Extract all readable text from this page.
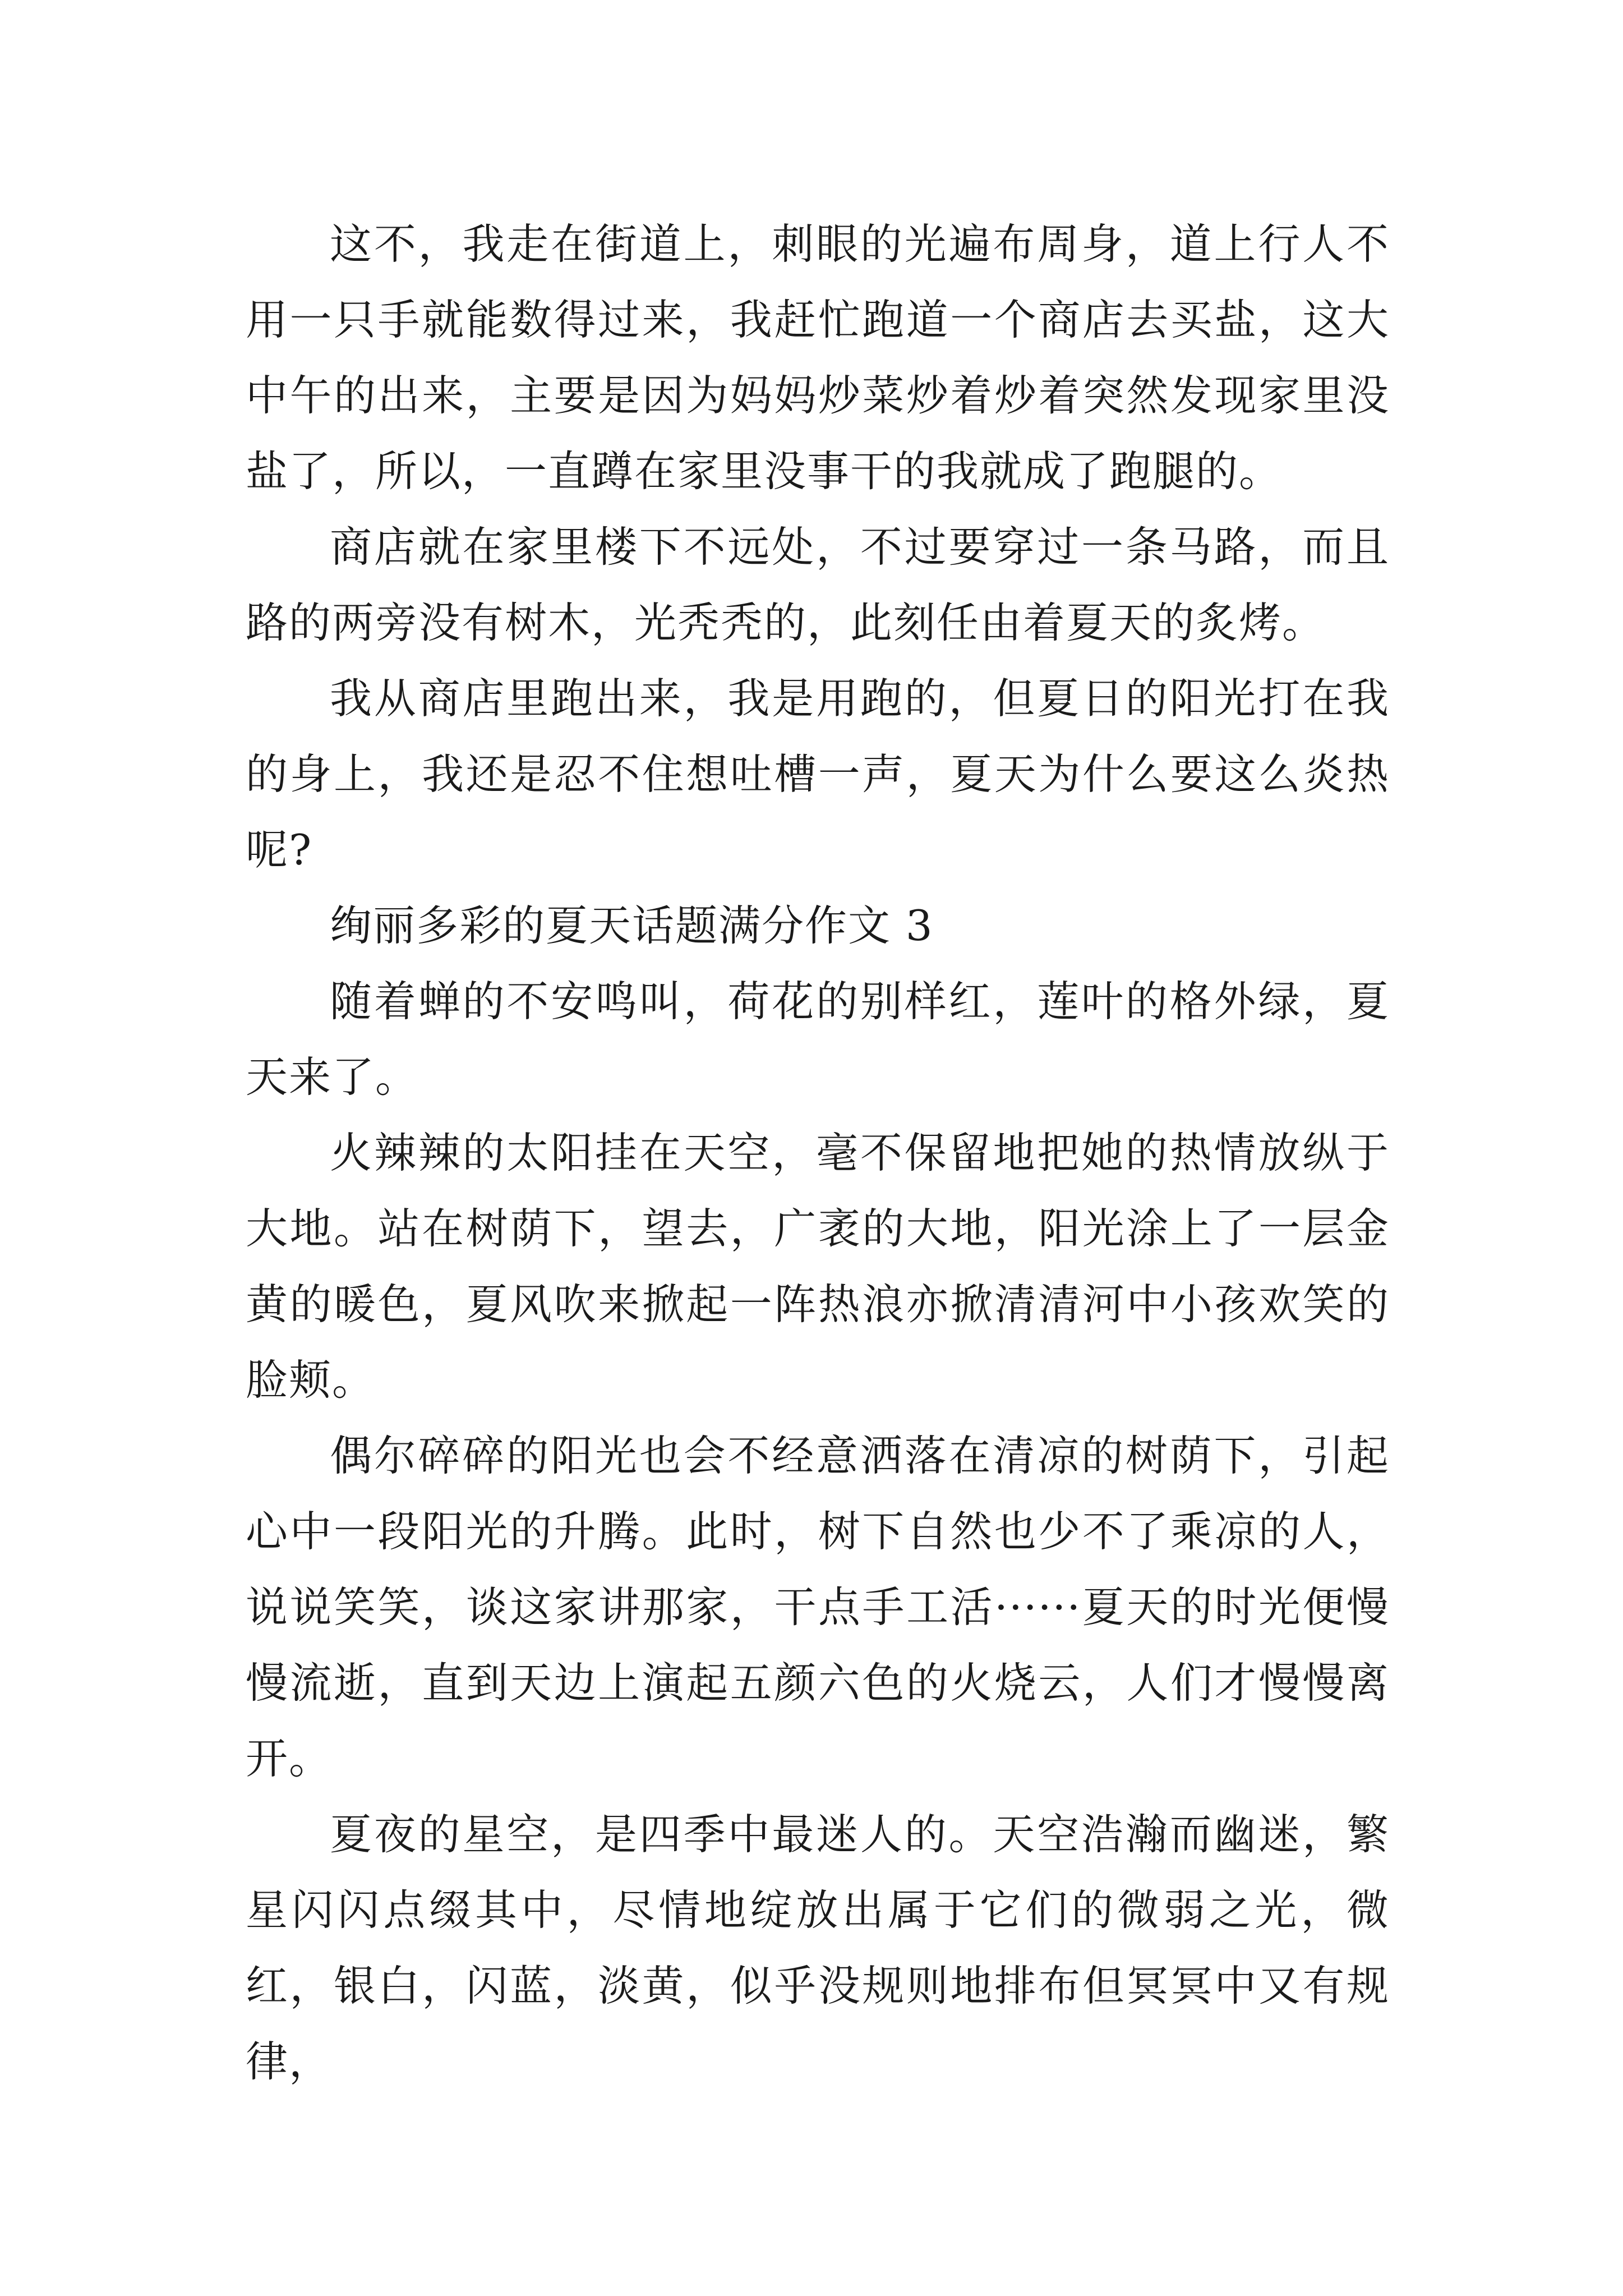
这不，我走在街道上，刺眼的光遍布周身，道上行人不用一只手就能数得过来，我赶忙跑道一个商店去买盐，这大中午的出来，主要是因为妈妈炒菜炒着炒着突然发现家里没盐了，所以，一直蹲在家里没事干的我就成了跑腿的。

商店就在家里楼下不远处，不过要穿过一条马路，而且路的两旁没有树木，光秃秃的，此刻任由着夏天的炙烤。

我从商店里跑出来，我是用跑的，但夏日的阳光打在我的身上，我还是忍不住想吐槽一声，夏天为什么要这么炎热呢?

绚丽多彩的夏天话题满分作文 3

随着蝉的不安鸣叫，荷花的别样红，莲叶的格外绿，夏天来了。

火辣辣的太阳挂在天空，毫不保留地把她的热情放纵于大地。站在树荫下，望去，广袤的大地，阳光涂上了一层金黄的暖色，夏风吹来掀起一阵热浪亦掀清清河中小孩欢笑的脸颊。

偶尔碎碎的阳光也会不经意洒落在清凉的树荫下，引起心中一段阳光的升腾。此时，树下自然也少不了乘凉的人，说说笑笑，谈这家讲那家，干点手工活······夏天的时光便慢慢流逝，直到天边上演起五颜六色的火烧云，人们才慢慢离开。

夏夜的星空，是四季中最迷人的。天空浩瀚而幽迷，繁星闪闪点缀其中，尽情地绽放出属于它们的微弱之光，微红，银白，闪蓝，淡黄，似乎没规则地排布但冥冥中又有规律，
